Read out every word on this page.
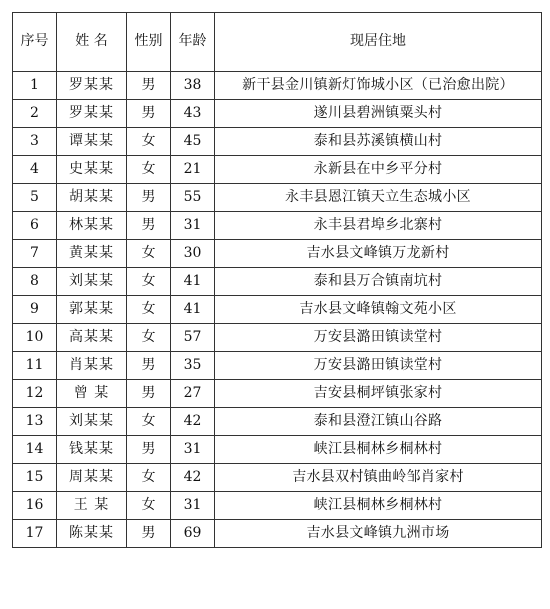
序号	姓 名	性别	年龄	现居住地
1	罗某某	男	38	新干县金川镇新灯饰城小区（已治愈出院）
2	罗某某	男	43	遂川县碧洲镇粟头村
3	谭某某	女	45	泰和县苏溪镇横山村
4	史某某	女	21	永新县在中乡平分村
5	胡某某	男	55	永丰县恩江镇天立生态城小区
6	林某某	男	31	永丰县君埠乡北寨村
7	黄某某	女	30	吉水县文峰镇万龙新村
8	刘某某	女	41	泰和县万合镇南坑村
9	郭某某	女	41	吉水县文峰镇翰文苑小区
10	高某某	女	57	万安县潞田镇读堂村
11	肖某某	男	35	万安县潞田镇读堂村
12	曾 某	男	27	吉安县桐坪镇张家村
13	刘某某	女	42	泰和县澄江镇山谷路
14	钱某某	男	31	峡江县桐林乡桐林村
15	周某某	女	42	吉水县双村镇曲岭邹肖家村
16	王 某	女	31	峡江县桐林乡桐林村
17	陈某某	男	69	吉水县文峰镇九洲市场
